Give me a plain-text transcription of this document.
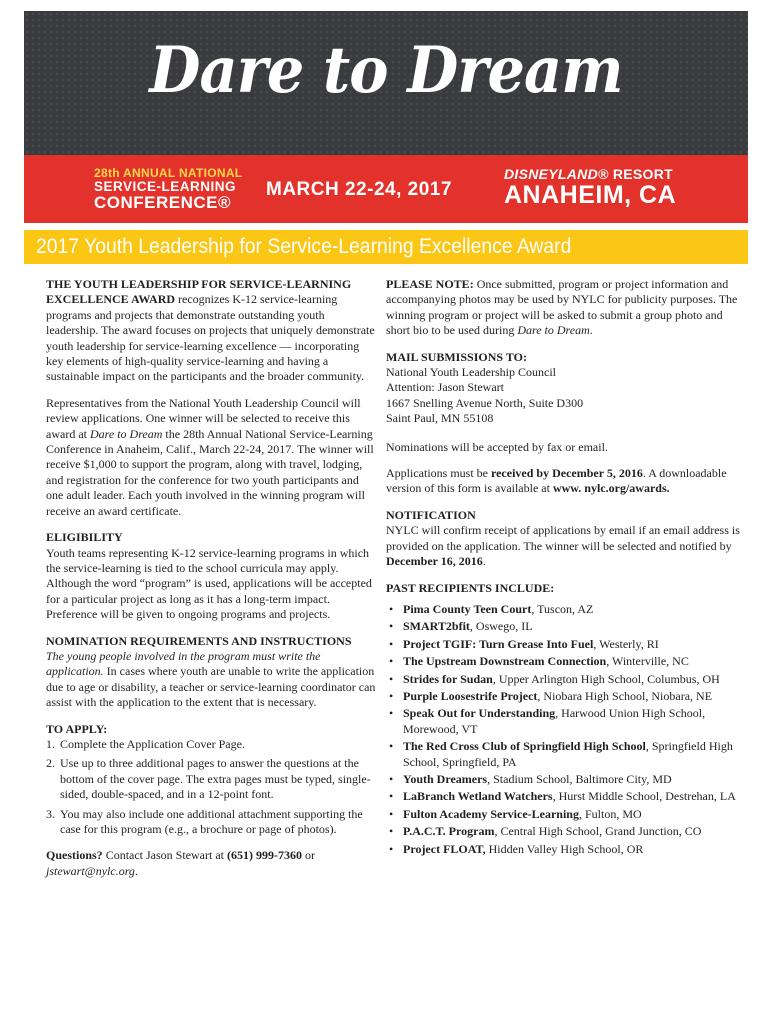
Dare to Dream
28th ANNUAL NATIONAL
SERVICE-LEARNING
CONFERENCE®
MARCH 22-24, 2017
DISNEYLAND® RESORT
ANAHEIM, CA
2017 Youth Leadership for Service-Learning Excellence Award

THE YOUTH LEADERSHIP FOR SERVICE-LEARNING EXCELLENCE AWARD recognizes K-12 service-learning programs and projects that demonstrate outstanding youth leadership. The award focuses on projects that uniquely demonstrate youth leadership for service-learning excellence — incorporating key elements of high-quality service-learning and having a sustainable impact on the participants and the broader community.

Representatives from the National Youth Leadership Council will review applications. One winner will be selected to receive this award at Dare to Dream the 28th Annual National Service-Learning Conference in Anaheim, Calif., March 22-24, 2017. The winner will receive $1,000 to support the program, along with travel, lodging, and registration for the conference for two youth participants and one adult leader. Each youth involved in the winning program will receive an award certificate.

ELIGIBILITY

Youth teams representing K-12 service-learning programs in which the service-learning is tied to the school curricula may apply. Although the word “program” is used, applications will be accepted for a particular project as long as it has a long-term impact. Preference will be given to ongoing programs and projects.

NOMINATION REQUIREMENTS AND INSTRUCTIONS

The young people involved in the program must write the application. In cases where youth are unable to write the application due to age or disability, a teacher or service-learning coordinator can assist with the application to the extent that is necessary.

TO APPLY:

1. Complete the Application Cover Page.
2. Use up to three additional pages to answer the questions at the bottom of the cover page. The extra pages must be typed, single-sided, double-spaced, and in a 12-point font.
3. You may also include one additional attachment supporting the case for this program (e.g., a brochure or page of photos).

Questions? Contact Jason Stewart at (651) 999-7360 or jstewart@nylc.org.

PLEASE NOTE: Once submitted, program or project information and accompanying photos may be used by NYLC for publicity purposes. The winning program or project will be asked to submit a group photo and short bio to be used during Dare to Dream.

MAIL SUBMISSIONS TO:

National Youth Leadership Council

Attention: Jason Stewart

1667 Snelling Avenue North, Suite D300

Saint Paul, MN 55108

Nominations will be accepted by fax or email.

Applications must be received by December 5, 2016. A downloadable version of this form is available at www. nylc.org/awards.

NOTIFICATION

NYLC will confirm receipt of applications by email if an email address is provided on the application. The winner will be selected and notified by December 16, 2016.

PAST RECIPIENTS INCLUDE:

• Pima County Teen Court, Tuscon, AZ
• SMART2bfit, Oswego, IL
• Project TGIF: Turn Grease Into Fuel, Westerly, RI
• The Upstream Downstream Connection, Winterville, NC
• Strides for Sudan, Upper Arlington High School, Columbus, OH
• Purple Loosestrife Project, Niobara High School, Niobara, NE
• Speak Out for Understanding, Harwood Union High School, Morewood, VT
• The Red Cross Club of Springfield High School, Springfield High School, Springfield, PA
• Youth Dreamers, Stadium School, Baltimore City, MD
• LaBranch Wetland Watchers, Hurst Middle School, Destrehan, LA
• Fulton Academy Service-Learning, Fulton, MO
• P.A.C.T. Program, Central High School, Grand Junction, CO
• Project FLOAT, Hidden Valley High School, OR
